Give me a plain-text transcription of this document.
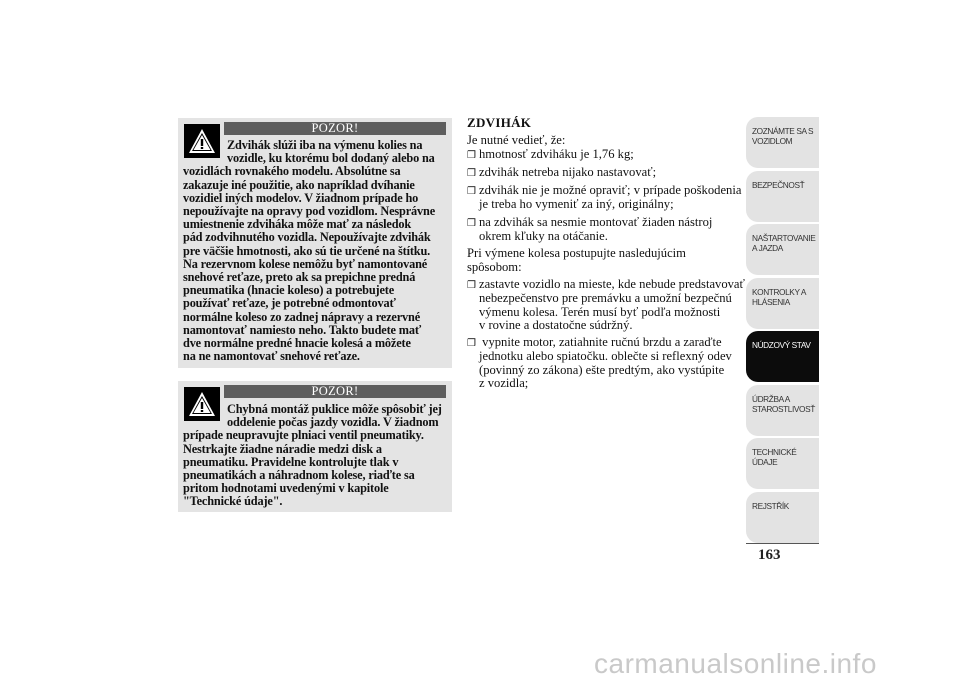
POZOR!
Zdvihák slúži iba na výmenu kolies na
vozidle, ku ktorému bol dodaný alebo na
vozidlách rovnakého modelu. Absolútne sa
zakazuje iné použitie, ako napríklad dvíhanie
vozidiel iných modelov. V žiadnom prípade ho
nepoužívajte na opravy pod vozidlom. Nesprávne
umiestnenie zdviháka môže mať za následok
pád zodvihnutého vozidla. Nepoužívajte zdvihák
pre väčšie hmotnosti, ako sú tie určené na štítku.
Na rezervnom kolese nemôžu byť namontované
snehové reťaze, preto ak sa prepichne predná
pneumatika (hnacie koleso) a potrebujete
používať reťaze, je potrebné odmontovať
normálne koleso zo zadnej nápravy a rezervné
namontovať namiesto neho. Takto budete mať
dve normálne predné hnacie kolesá a môžete
na ne namontovať snehové reťaze.
POZOR!
Chybná montáž puklice môže spôsobiť jej
oddelenie počas jazdy vozidla. V žiadnom
prípade neupravujte plniaci ventil pneumatiky.
Nestrkajte žiadne náradie medzi disk a
pneumatiku. Pravidelne kontrolujte tlak v
pneumatikách a náhradnom kolese, riaďte sa
pritom hodnotami uvedenými v kapitole
"Technické údaje".
ZDVIHÁK
Je nutné vedieť, že:
❒ hmotnosť zdviháku je 1,76 kg;
❒ zdvihák netreba nijako nastavovať;
❒ zdvihák nie je možné opraviť; v prípade poškodenia
je treba ho vymeniť za iný, originálny;
❒ na zdvihák sa nesmie montovať žiaden nástroj
okrem kľuky na otáčanie.
Pri výmene kolesa postupujte nasledujúcim
spôsobom:
❒ zastavte vozidlo na mieste, kde nebude predstavovať
nebezpečenstvo pre premávku a umožní bezpečnú
výmenu kolesa. Terén musí byť podľa možnosti
v rovine a dostatočne súdržný.
❒ vypnite motor, zatiahnite ručnú brzdu a zaraďte
jednotku alebo spiatočku. oblečte si reflexný odev
(povinný zo zákona) ešte predtým, ako vystúpite
z vozidla;
ZOZNÁMTE SA S
VOZIDLOM
BEZPEČNOSŤ
NAŠTARTOVANIE
A JAZDA
KONTROLKY A
HLÁSENIA
NÚDZOVÝ STAV
ÚDRŽBA A
STAROSTLIVOSŤ
TECHNICKÉ
ÚDAJE
REJSTŘÍK
163
carmanualsonline.info
